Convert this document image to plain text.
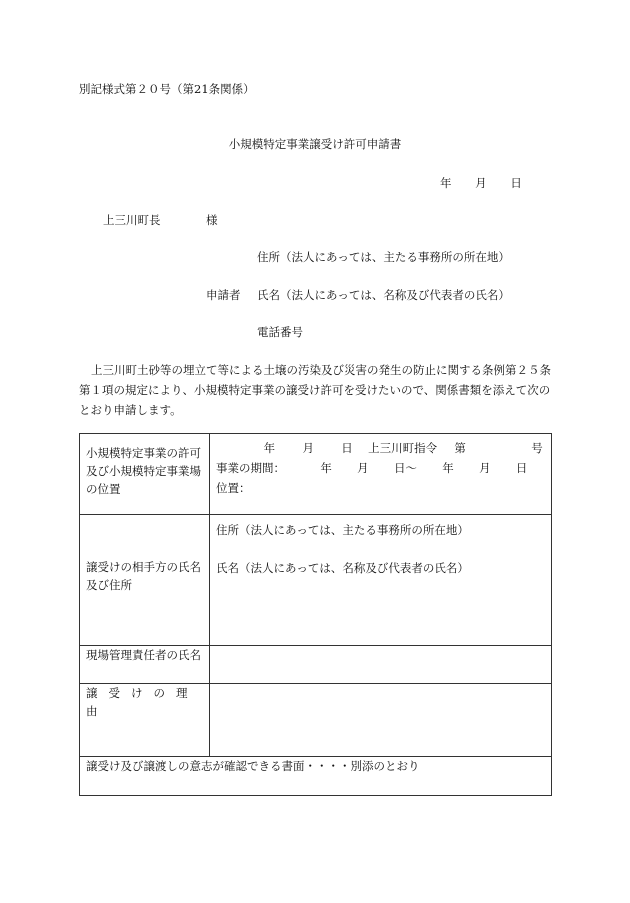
別記様式第２０号（第21条関係）
小規模特定事業譲受け許可申請書
年 月 日
上三川町長	様
住所（法人にあっては、主たる事務所の所在地）
申請者 氏名（法人にあっては、名称及び代表者の氏名）
電話番号
上三川町土砂等の埋立て等による土壌の汚染及び災害の発生の防止に関する条例第２５条第１項の規定により、小規模特定事業の譲受け許可を受けたいので、関係書類を添えて次のとおり申請します。
小規模特定事業の許可及び小規模特定事業場の位置	年 月 日 上三川町指令 第 号
事業の期間： 年 月 日～ 年 月 日
位置：

譲受けの相手方の氏名及び住所	住所（法人にあっては、主たる事務所の所在地）
氏名（法人にあっては、名称及び代表者の氏名）

現場管理責任者の氏名	
譲受けの理由	
譲受け及び譲渡しの意志が確認できる書面・・・・別添のとおり	
